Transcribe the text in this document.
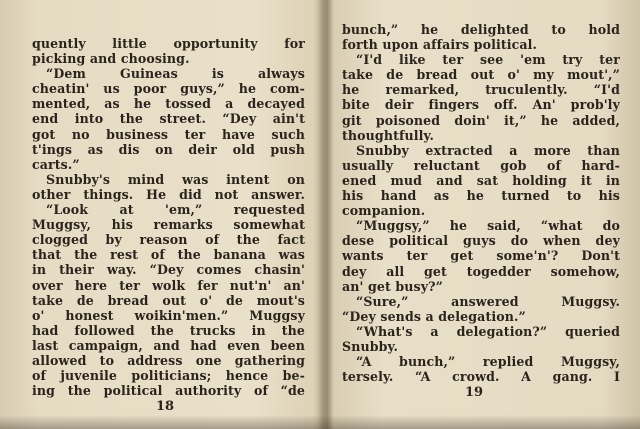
quently little opportunity for
picking and choosing.
“Dem Guineas is always
cheatin' us poor guys,” he com-
mented, as he tossed a decayed
end into the street. “Dey ain't
got no business ter have such
t'ings as dis on deir old push
carts.”
Snubby's mind was intent on
other things. He did not answer.
“Look at 'em,” requested
Muggsy, his remarks somewhat
clogged by reason of the fact
that the rest of the banana was
in their way. “Dey comes chasin'
over here ter wolk fer nut'n' an'
take de bread out o' de mout's
o' honest woikin'men.” Muggsy
had followed the trucks in the
last campaign, and had even been
allowed to address one gathering
of juvenile politicians; hence be-
ing the political authority of “de
18
bunch,” he delighted to hold
forth upon affairs political.
“I'd like ter see 'em try ter
take de bread out o' my mout',”
he remarked, truculently. “I'd
bite deir fingers off. An' prob'ly
git poisoned doin' it,” he added,
thoughtfully.
Snubby extracted a more than
usually reluctant gob of hard-
ened mud and sat holding it in
his hand as he turned to his
companion.
“Muggsy,” he said, “what do
dese political guys do when dey
wants ter get some'n'? Don't
dey all get togedder somehow,
an' get busy?”
“Sure,” answered Muggsy.
“Dey sends a delegation.”
“What's a delegation?” queried
Snubby.
“A bunch,” replied Muggsy,
tersely. “A crowd. A gang. I
19
